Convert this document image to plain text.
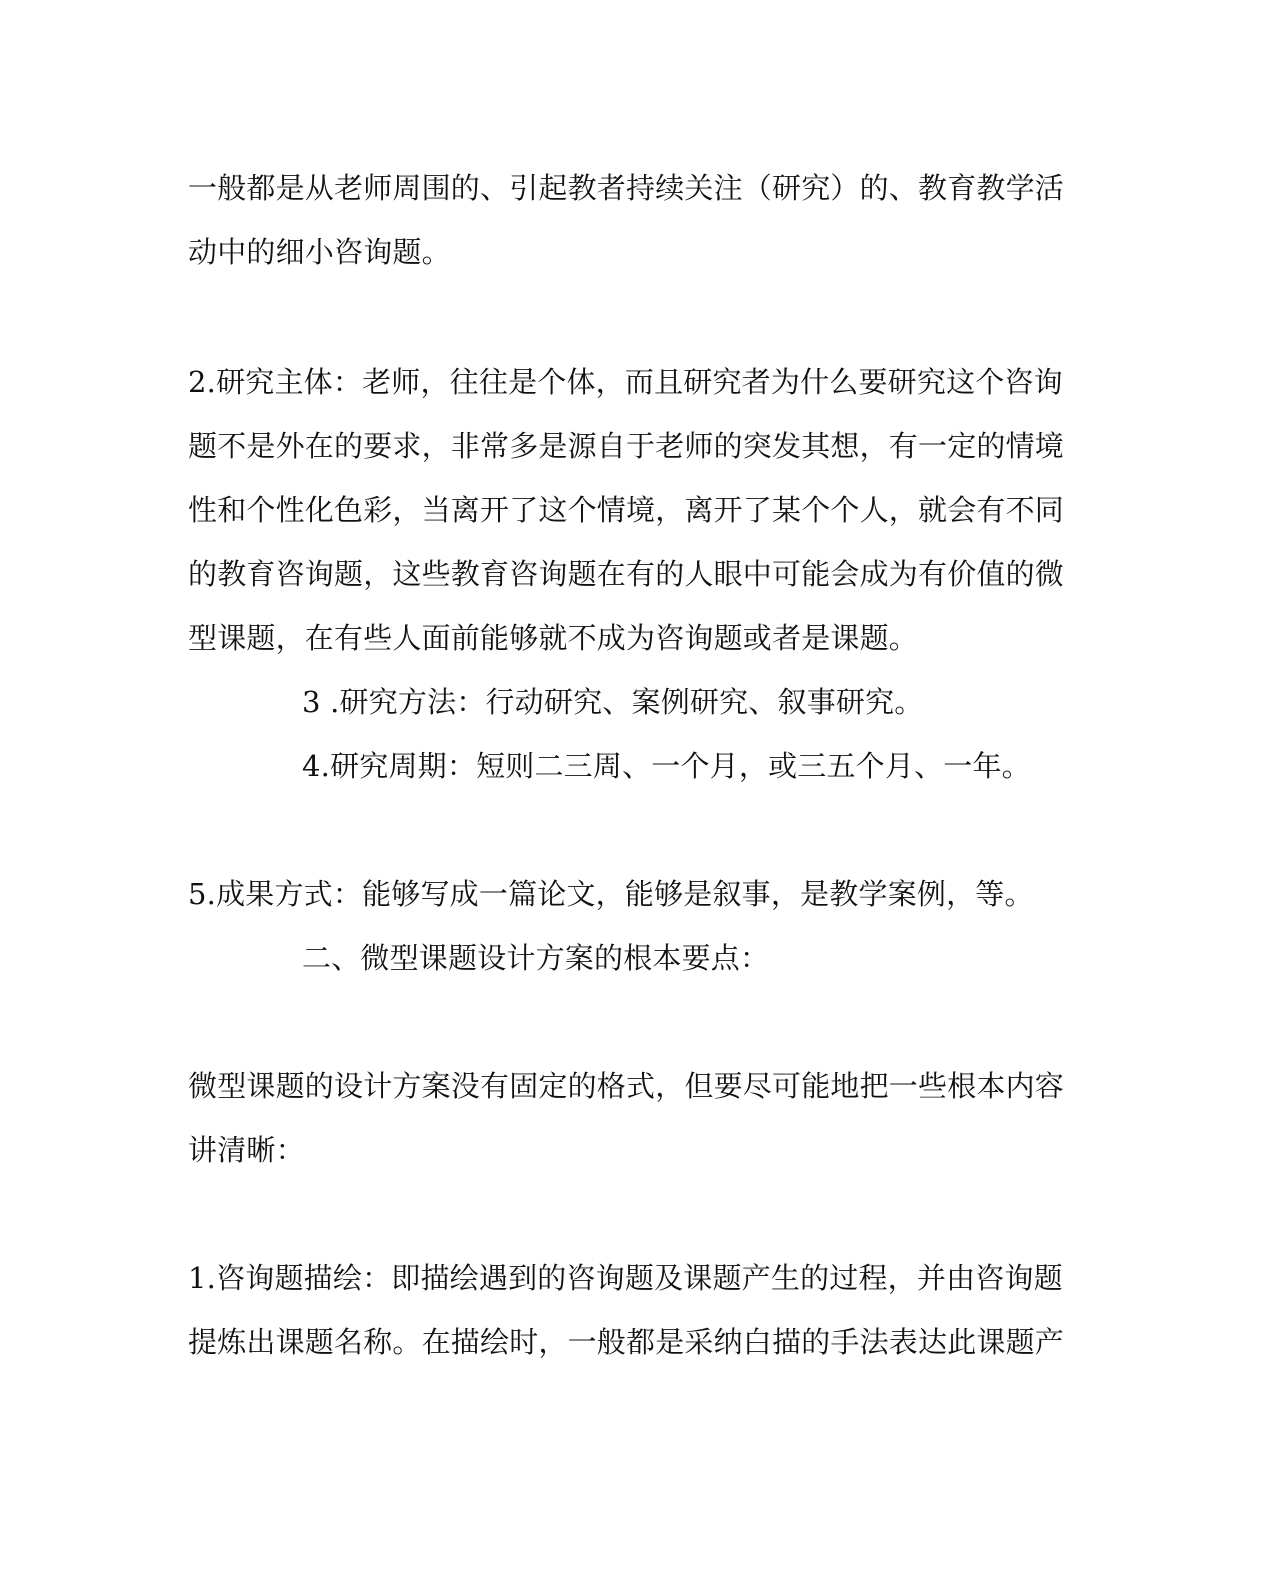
一般都是从老师周围的、引起教者持续关注（研究）的、教育教学活
动中的细小咨询题。
2.研究主体：老师，往往是个体，而且研究者为什么要研究这个咨询
题不是外在的要求，非常多是源自于老师的突发其想，有一定的情境
性和个性化色彩，当离开了这个情境，离开了某个个人，就会有不同
的教育咨询题，这些教育咨询题在有的人眼中可能会成为有价值的微
型课题，在有些人面前能够就不成为咨询题或者是课题。
3 .研究方法：行动研究、案例研究、叙事研究。
4.研究周期：短则二三周、一个月，或三五个月、一年。
5.成果方式：能够写成一篇论文，能够是叙事，是教学案例，等。
二、微型课题设计方案的根本要点：
微型课题的设计方案没有固定的格式，但要尽可能地把一些根本内容
讲清晰：
1.咨询题描绘：即描绘遇到的咨询题及课题产生的过程，并由咨询题
提炼出课题名称。在描绘时，一般都是采纳白描的手法表达此课题产
